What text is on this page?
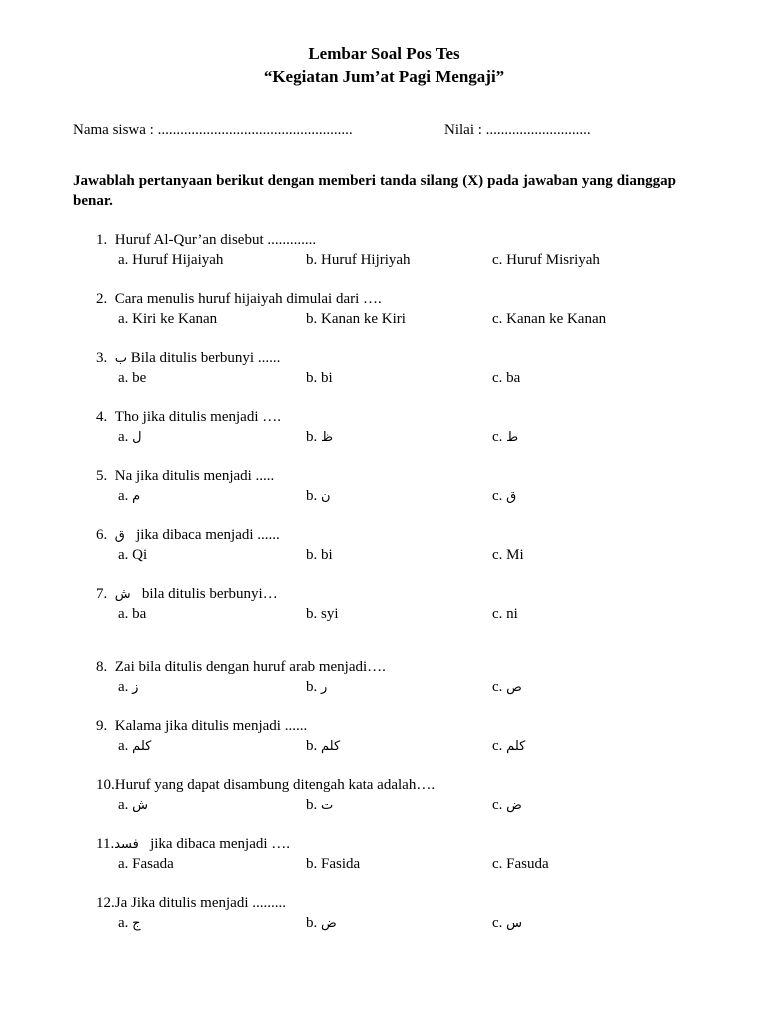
Lembar Soal Pos Tes
“Kegiatan Jum’at Pagi Mengaji”
Nama siswa : ....................................................	Nilai : ............................
Jawablah pertanyaan berikut dengan memberi tanda silang (X) pada jawaban yang dianggap benar.
1. Huruf Al-Qur’an disebut .............
a. Huruf Hijaiyah	b. Huruf Hijriyah	c. Huruf Misriyah
2. Cara menulis huruf hijaiyah dimulai dari ….
a. Kiri ke Kanan	b. Kanan ke Kiri	c. Kanan ke Kanan
3. ب Bila ditulis berbunyi ......
a. be	b. bi	c. ba
4. Tho jika ditulis menjadi ….
a. ل	b. ظ	c. ط
5. Na jika ditulis menjadi .....
a. م	b. ن	c. ق
6. ق jika dibaca menjadi ......
a. Qi	b. bi	c. Mi
7. ش bila ditulis berbunyi…
a. ba	b. syi	c. ni
8. Zai bila ditulis dengan huruf arab menjadi….
a. ز	b. ر	c. ص
9. Kalama jika ditulis menjadi ......
a. كلم	b. كلم	c. كلم
10.Huruf yang dapat disambung ditengah kata adalah….
a. ش	b. ت	c. ض
11.فسد jika dibaca menjadi ….
a. Fasada	b. Fasida	c. Fasuda
12.Ja Jika ditulis menjadi .........
a. ج	b. ض	c. س
